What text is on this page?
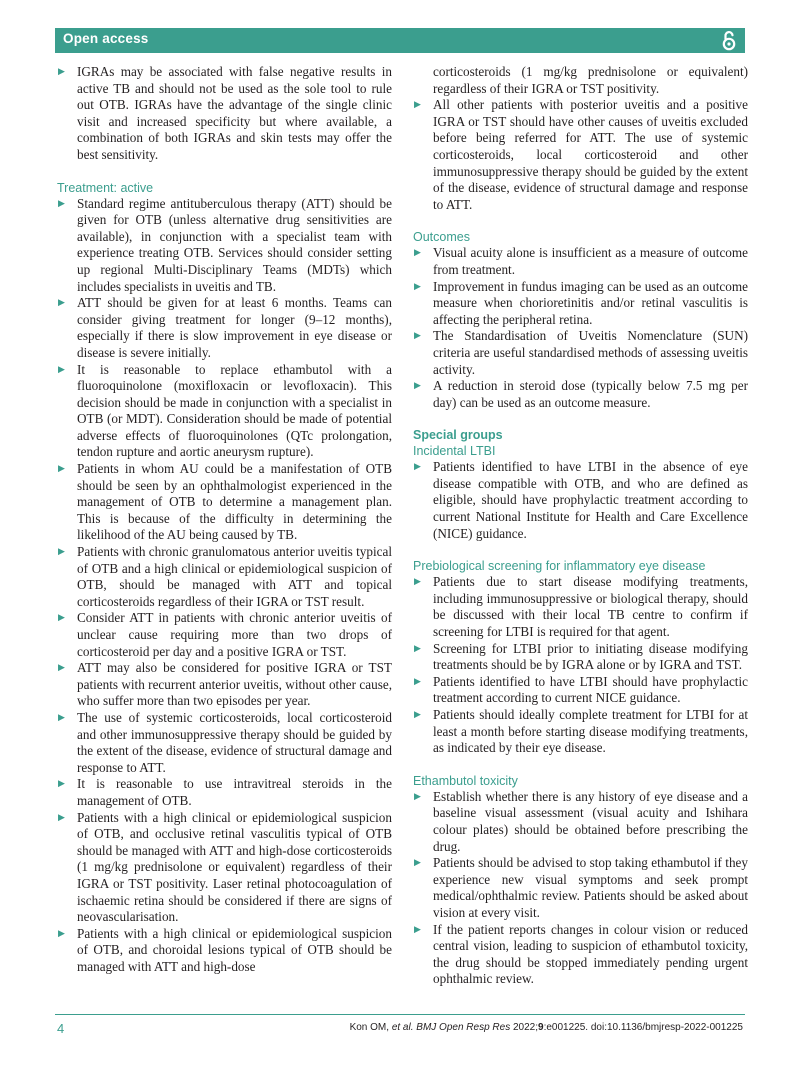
Open access
▶ IGRAs may be associated with false negative results in active TB and should not be used as the sole tool to rule out OTB. IGRAs have the advantage of the single clinic visit and increased specificity but where available, a combination of both IGRAs and skin tests may offer the best sensitivity.
Treatment: active
▶ Standard regime antituberculous therapy (ATT) should be given for OTB (unless alternative drug sensitivities are available), in conjunction with a specialist team with experience treating OTB. Services should consider setting up regional Multi-Disciplinary Teams (MDTs) which includes specialists in uveitis and TB.
▶ ATT should be given for at least 6 months. Teams can consider giving treatment for longer (9–12 months), especially if there is slow improvement in eye disease or disease is severe initially.
▶ It is reasonable to replace ethambutol with a fluoroquinolone (moxifloxacin or levofloxacin). This decision should be made in conjunction with a specialist in OTB (or MDT). Consideration should be made of potential adverse effects of fluoroquinolones (QTc prolongation, tendon rupture and aortic aneurysm rupture).
▶ Patients in whom AU could be a manifestation of OTB should be seen by an ophthalmologist experienced in the management of OTB to determine a management plan. This is because of the difficulty in determining the likelihood of the AU being caused by TB.
▶ Patients with chronic granulomatous anterior uveitis typical of OTB and a high clinical or epidemiological suspicion of OTB, should be managed with ATT and topical corticosteroids regardless of their IGRA or TST result.
▶ Consider ATT in patients with chronic anterior uveitis of unclear cause requiring more than two drops of corticosteroid per day and a positive IGRA or TST.
▶ ATT may also be considered for positive IGRA or TST patients with recurrent anterior uveitis, without other cause, who suffer more than two episodes per year.
▶ The use of systemic corticosteroids, local corticosteroid and other immunosuppressive therapy should be guided by the extent of the disease, evidence of structural damage and response to ATT.
▶ It is reasonable to use intravitreal steroids in the management of OTB.
▶ Patients with a high clinical or epidemiological suspicion of OTB, and occlusive retinal vasculitis typical of OTB should be managed with ATT and high-dose corticosteroids (1 mg/kg prednisolone or equivalent) regardless of their IGRA or TST positivity. Laser retinal photocoagulation of ischaemic retina should be considered if there are signs of neovascularisation.
▶ Patients with a high clinical or epidemiological suspicion of OTB, and choroidal lesions typical of OTB should be managed with ATT and high-dose
corticosteroids (1 mg/kg prednisolone or equivalent) regardless of their IGRA or TST positivity.
▶ All other patients with posterior uveitis and a positive IGRA or TST should have other causes of uveitis excluded before being referred for ATT. The use of systemic corticosteroids, local corticosteroid and other immunosuppressive therapy should be guided by the extent of the disease, evidence of structural damage and response to ATT.
Outcomes
▶ Visual acuity alone is insufficient as a measure of outcome from treatment.
▶ Improvement in fundus imaging can be used as an outcome measure when chorioretinitis and/or retinal vasculitis is affecting the peripheral retina.
▶ The Standardisation of Uveitis Nomenclature (SUN) criteria are useful standardised methods of assessing uveitis activity.
▶ A reduction in steroid dose (typically below 7.5 mg per day) can be used as an outcome measure.
Special groups
Incidental LTBI
▶ Patients identified to have LTBI in the absence of eye disease compatible with OTB, and who are defined as eligible, should have prophylactic treatment according to current National Institute for Health and Care Excellence (NICE) guidance.
Prebiological screening for inflammatory eye disease
▶ Patients due to start disease modifying treatments, including immunosuppressive or biological therapy, should be discussed with their local TB centre to confirm if screening for LTBI is required for that agent.
▶ Screening for LTBI prior to initiating disease modifying treatments should be by IGRA alone or by IGRA and TST.
▶ Patients identified to have LTBI should have prophylactic treatment according to current NICE guidance.
▶ Patients should ideally complete treatment for LTBI for at least a month before starting disease modifying treatments, as indicated by their eye disease.
Ethambutol toxicity
▶ Establish whether there is any history of eye disease and a baseline visual assessment (visual acuity and Ishihara colour plates) should be obtained before prescribing the drug.
▶ Patients should be advised to stop taking ethambutol if they experience new visual symptoms and seek prompt medical/ophthalmic review. Patients should be asked about vision at every visit.
▶ If the patient reports changes in colour vision or reduced central vision, leading to suspicion of ethambutol toxicity, the drug should be stopped immediately pending urgent ophthalmic review.
4	Kon OM, et al. BMJ Open Resp Res 2022;9:e001225. doi:10.1136/bmjresp-2022-001225
